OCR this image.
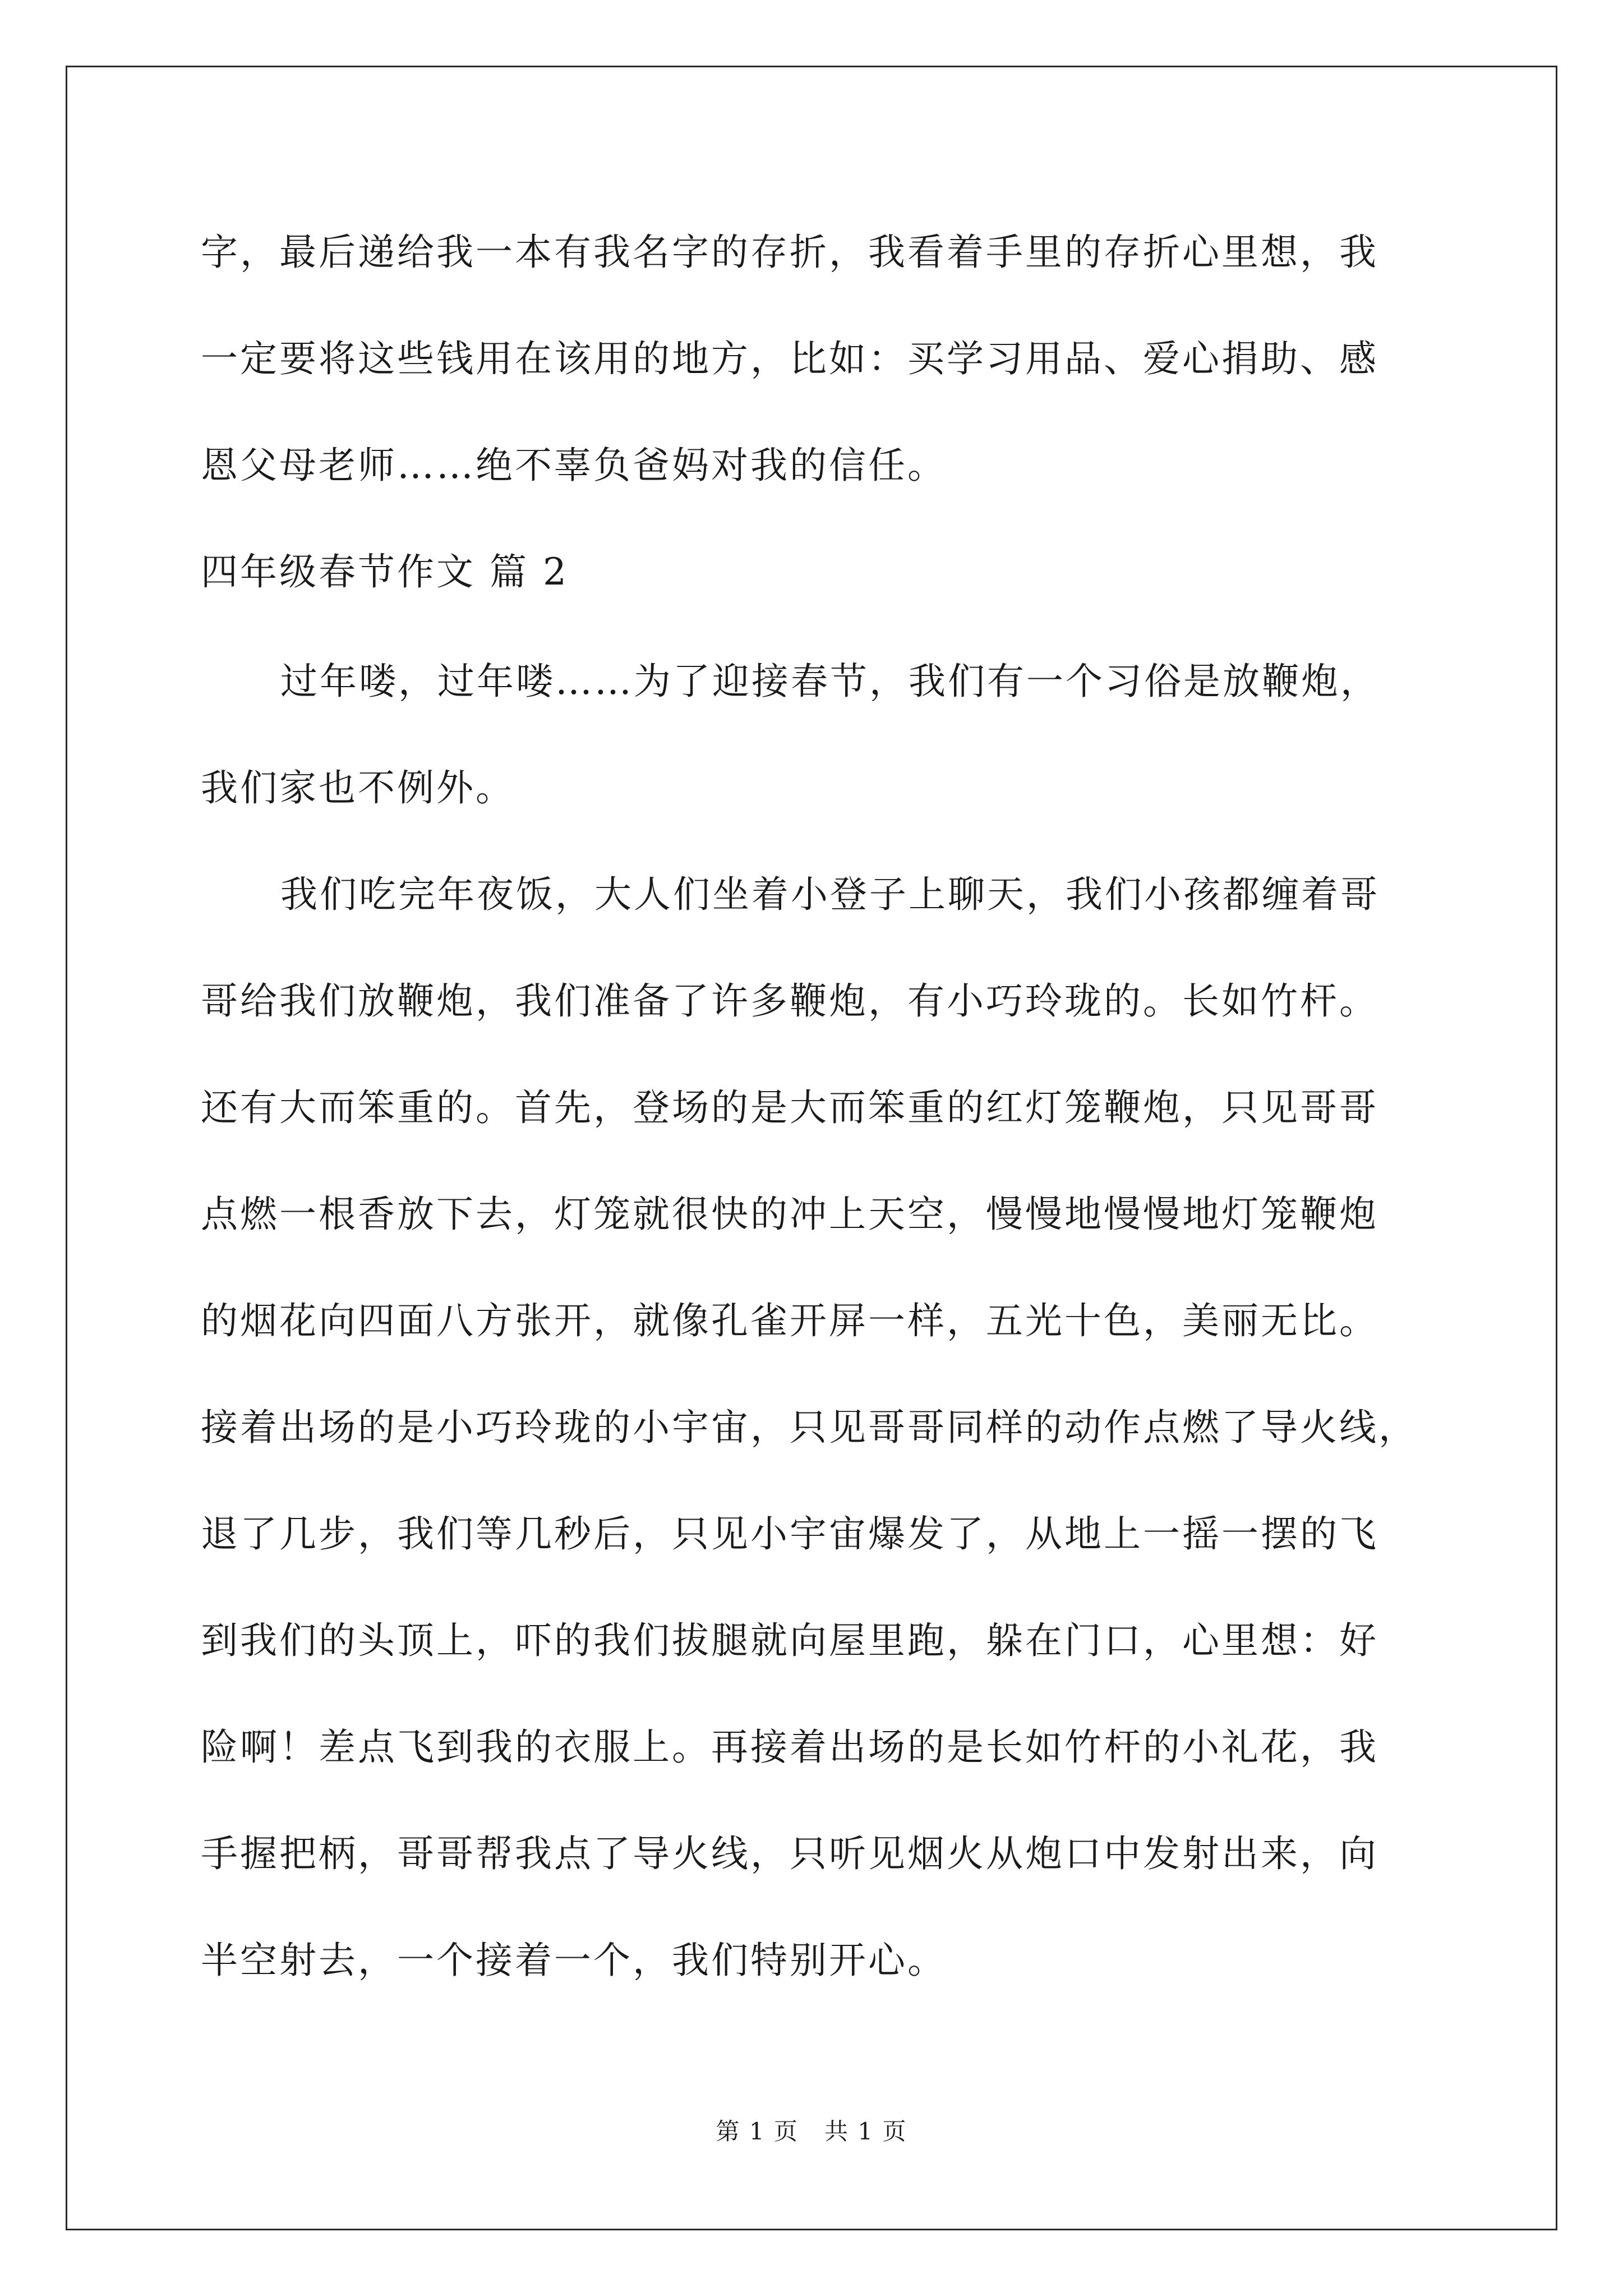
字，最后递给我一本有我名字的存折，我看着手里的存折心里想，我
一定要将这些钱用在该用的地方，比如：买学习用品、爱心捐助、感
恩父母老师……绝不辜负爸妈对我的信任。
四年级春节作文 篇 2
过年喽，过年喽……为了迎接春节，我们有一个习俗是放鞭炮，
我们家也不例外。
我们吃完年夜饭，大人们坐着小登子上聊天，我们小孩都缠着哥
哥给我们放鞭炮，我们准备了许多鞭炮，有小巧玲珑的。长如竹杆。
还有大而笨重的。首先，登场的是大而笨重的红灯笼鞭炮，只见哥哥
点燃一根香放下去，灯笼就很快的冲上天空，慢慢地慢慢地灯笼鞭炮
的烟花向四面八方张开，就像孔雀开屏一样，五光十色，美丽无比。
接着出场的是小巧玲珑的小宇宙，只见哥哥同样的动作点燃了导火线，
退了几步，我们等几秒后，只见小宇宙爆发了，从地上一摇一摆的飞
到我们的头顶上，吓的我们拔腿就向屋里跑，躲在门口，心里想：好
险啊！差点飞到我的衣服上。再接着出场的是长如竹杆的小礼花，我
手握把柄，哥哥帮我点了导火线，只听见烟火从炮口中发射出来，向
半空射去，一个接着一个，我们特别开心。
第 1 页 共 1 页
